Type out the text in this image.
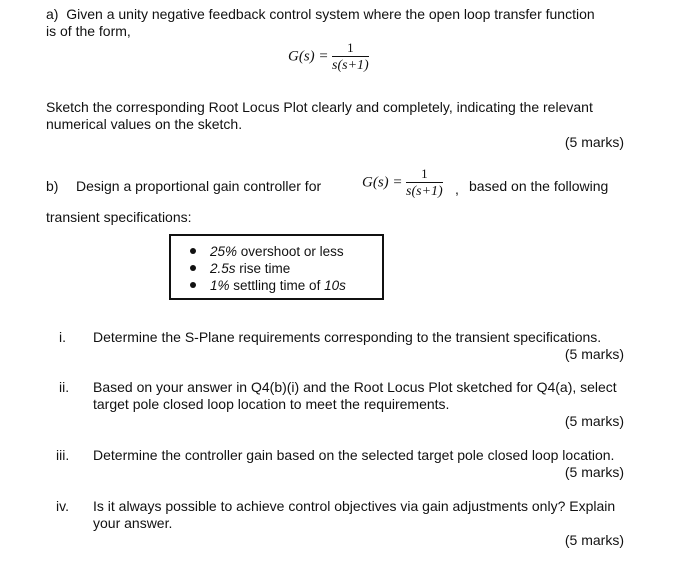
a) Given a unity negative feedback control system where the open loop transfer function
is of the form,
$G(s) = \frac{1}{s(s+1)}$
Sketch the corresponding Root Locus Plot clearly and completely, indicating the relevant
numerical values on the sketch.
(5 marks)
b) Design a proportional gain controller for	$G(s) = \frac{1}{s(s+1)}$ , based on the following
transient specifications:
25% overshoot or less
2.5s rise time
1% settling time of 10s
i. Determine the S-Plane requirements corresponding to the transient specifications.
(5 marks)
ii. Based on your answer in Q4(b)(i) and the Root Locus Plot sketched for Q4(a), select
target pole closed loop location to meet the requirements.
(5 marks)
iii. Determine the controller gain based on the selected target pole closed loop location.
(5 marks)
iv. Is it always possible to achieve control objectives via gain adjustments only? Explain
your answer.
(5 marks)
